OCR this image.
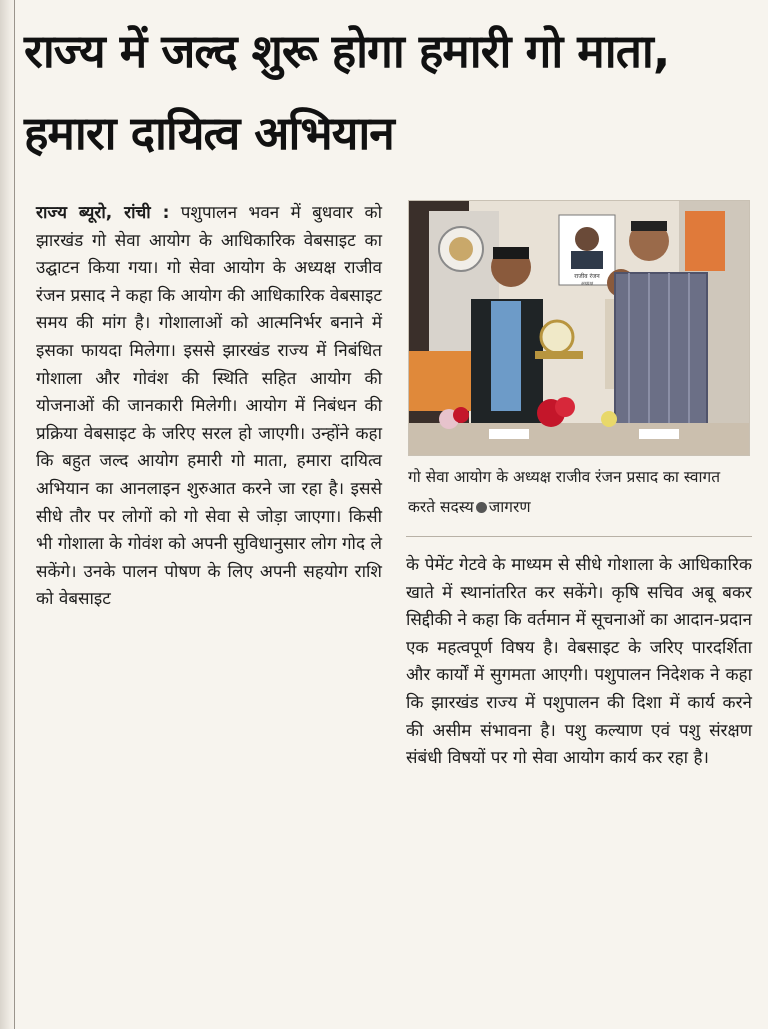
राज्य में जल्द शुरू होगा हमारी गो माता, हमारा दायित्व अभियान

राज्य ब्यूरो, रांची : पशुपालन भवन में बुधवार को झारखंड गो सेवा आयोग के आधिकारिक वेबसाइट का उद्घाटन किया गया। गो सेवा आयोग के अध्यक्ष राजीव रंजन प्रसाद ने कहा कि आयोग की आधिकारिक वेबसाइट समय की मांग है। गोशालाओं को आत्मनिर्भर बनाने में इसका फायदा मिलेगा। इससे झारखंड राज्य में निबंधित गोशाला और गोवंश की स्थिति सहित आयोग की योजनाओं की जानकारी मिलेगी। आयोग में निबंधन की प्रक्रिया वेबसाइट के जरिए सरल हो जाएगी। उन्होंने कहा कि बहुत जल्द आयोग हमारी गो माता, हमारा दायित्व अभियान का आनलाइन शुरुआत करने जा रहा है। इससे सीधे तौर पर लोगों को गो सेवा से जोड़ा जाएगा। किसी भी गोशाला के गोवंश को अपनी सुविधानुसार लोग गोद ले सकेंगे। उनके पालन पोषण के लिए अपनी सहयोग राशि को वेबसाइट

राजीव रंजन
अध्यक्ष
गो सेवा आयोग के अध्यक्ष राजीव रंजन प्रसाद का स्वागत करते सदस्य जागरण

के पेमेंट गेटवे के माध्यम से सीधे गोशाला के आधिकारिक खाते में स्थानांतरित कर सकेंगे। कृषि सचिव अबू बकर सिद्दीकी ने कहा कि वर्तमान में सूचनाओं का आदान-प्रदान एक महत्वपूर्ण विषय है। वेबसाइट के जरिए पारदर्शिता और कार्यों में सुगमता आएगी। पशुपालन निदेशक ने कहा कि झारखंड राज्य में पशुपालन की दिशा में कार्य करने की असीम संभावना है। पशु कल्याण एवं पशु संरक्षण संबंधी विषयों पर गो सेवा आयोग कार्य कर रहा है।
